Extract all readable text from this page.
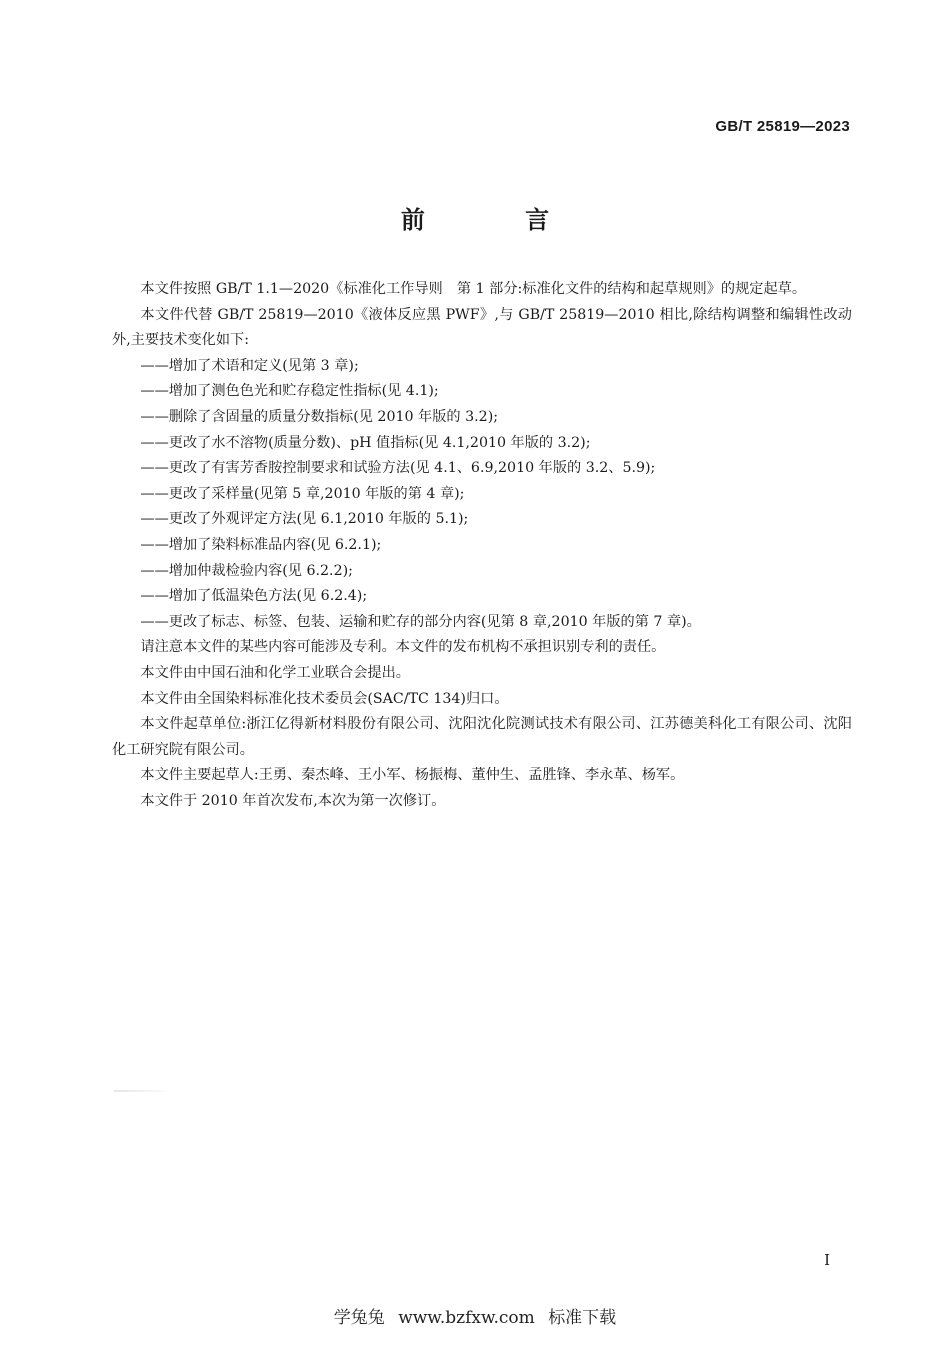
GB/T 25819—2023
前 言

本文件按照 GB/T 1.1—2020《标准化工作导则　第 1 部分:标准化文件的结构和起草规则》的规定起草。

本文件代替 GB/T 25819—2010《液体反应黑 PWF》,与 GB/T 25819—2010 相比,除结构调整和编辑性改动外,主要技术变化如下:

——增加了术语和定义(见第 3 章);

——增加了测色色光和贮存稳定性指标(见 4.1);

——删除了含固量的质量分数指标(见 2010 年版的 3.2);

——更改了水不溶物(质量分数)、pH 值指标(见 4.1,2010 年版的 3.2);

——更改了有害芳香胺控制要求和试验方法(见 4.1、6.9,2010 年版的 3.2、5.9);

——更改了采样量(见第 5 章,2010 年版的第 4 章);

——更改了外观评定方法(见 6.1,2010 年版的 5.1);

——增加了染料标准品内容(见 6.2.1);

——增加仲裁检验内容(见 6.2.2);

——增加了低温染色方法(见 6.2.4);

——更改了标志、标签、包装、运输和贮存的部分内容(见第 8 章,2010 年版的第 7 章)。

请注意本文件的某些内容可能涉及专利。本文件的发布机构不承担识别专利的责任。

本文件由中国石油和化学工业联合会提出。

本文件由全国染料标准化技术委员会(SAC/TC 134)归口。

本文件起草单位:浙江亿得新材料股份有限公司、沈阳沈化院测试技术有限公司、江苏德美科化工有限公司、沈阳化工研究院有限公司。

本文件主要起草人:王勇、秦杰峰、王小军、杨振梅、董仲生、孟胜锋、李永革、杨军。

本文件于 2010 年首次发布,本次为第一次修订。

I
学兔兔 www.bzfxw.com 标准下载
